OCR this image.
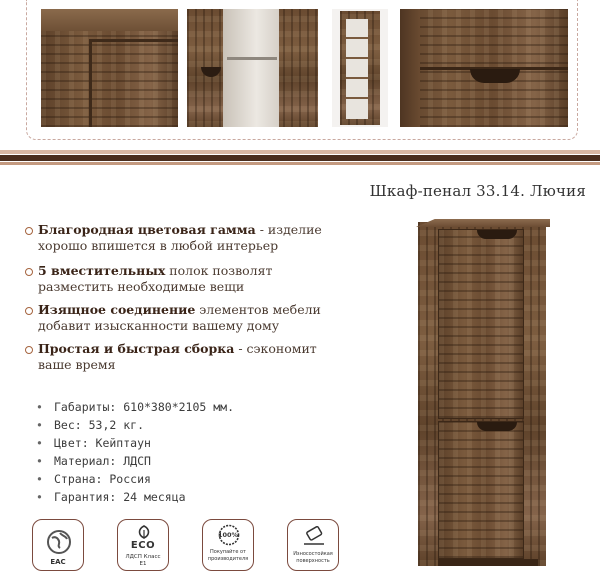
Шкаф-пенал 33.14. Лючия
Благородная цветовая гамма - изделие
хорошо впишется в любой интерьер
5 вместительных полок позволят
разместить необходимые вещи
Изящное соединение элементов мебели
добавит изысканности вашему дому
Простая и быстрая сборка - сэкономит
ваше время
• Габариты: 610*380*2105 мм.
• Вес: 53,2 кг.
• Цвет: Кейптаун
• Материал: ЛДСП
• Страна: Россия
• Гарантия: 24 месяца
EAC
ECO
ЛДСП Класс Е1
100%
Покупайте от производителя
Износостойкая поверхность
